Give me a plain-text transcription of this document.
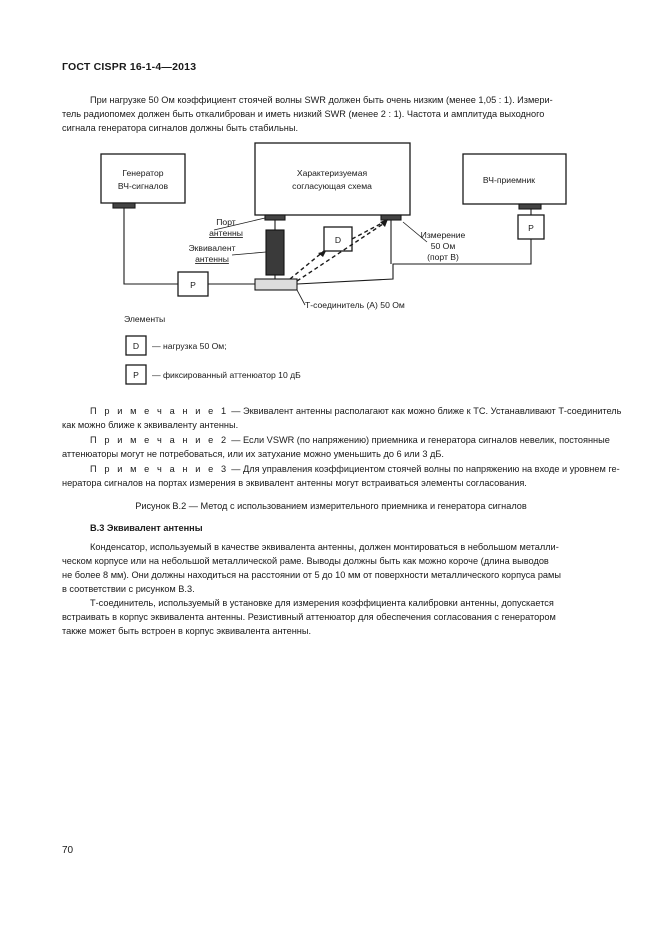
ГОСТ CISPR 16-1-4—2013
При нагрузке 50 Ом коэффициент стоячей волны SWR должен быть очень низким (менее 1,05 : 1). Измери-
тель радиопомех должен быть откалиброван и иметь низкий SWR (менее 2 : 1). Частота и амплитуда выходного
сигнала генератора сигналов должны быть стабильны.
Генератор
ВЧ-сигналов
Характеризуемая
согласующая схема
ВЧ-приемник
Порт
антенны
Эквивалент
антенны
Измерение
50 Ом
(порт В)
Т-соединитель (А) 50 Ом
D
P
P
Элементы
D — нагрузка 50 Ом;
P — фиксированный аттенюатор 10 дБ
П р и м е ч а н и е 1 — Эквивалент антенны располагают как можно ближе к ТС. Устанавливают Т-соединитель
как можно ближе к эквиваленту антенны.
П р и м е ч а н и е 2 — Если VSWR (по напряжению) приемника и генератора сигналов невелик, постоянные
аттенюаторы могут не потребоваться, или их затухание можно уменьшить до 6 или 3 дБ.
П р и м е ч а н и е 3 — Для управления коэффициентом стоячей волны по напряжению на входе и уровнем ге-
нератора сигналов на портах измерения в эквивалент антенны могут встраиваться элементы согласования.
Рисунок В.2 — Метод с использованием измерительного приемника и генератора сигналов
В.3 Эквивалент антенны
Конденсатор, используемый в качестве эквивалента антенны, должен монтироваться в небольшом металли-
ческом корпусе или на небольшой металлической раме. Выводы должны быть как можно короче (длина выводов
не более 8 мм). Они должны находиться на расстоянии от 5 до 10 мм от поверхности металлического корпуса рамы
в соответствии с рисунком В.3.
Т-соединитель, используемый в установке для измерения коэффициента калибровки антенны, допускается
встраивать в корпус эквивалента антенны. Резистивный аттенюатор для обеспечения согласования с генератором
также может быть встроен в корпус эквивалента антенны.
70
